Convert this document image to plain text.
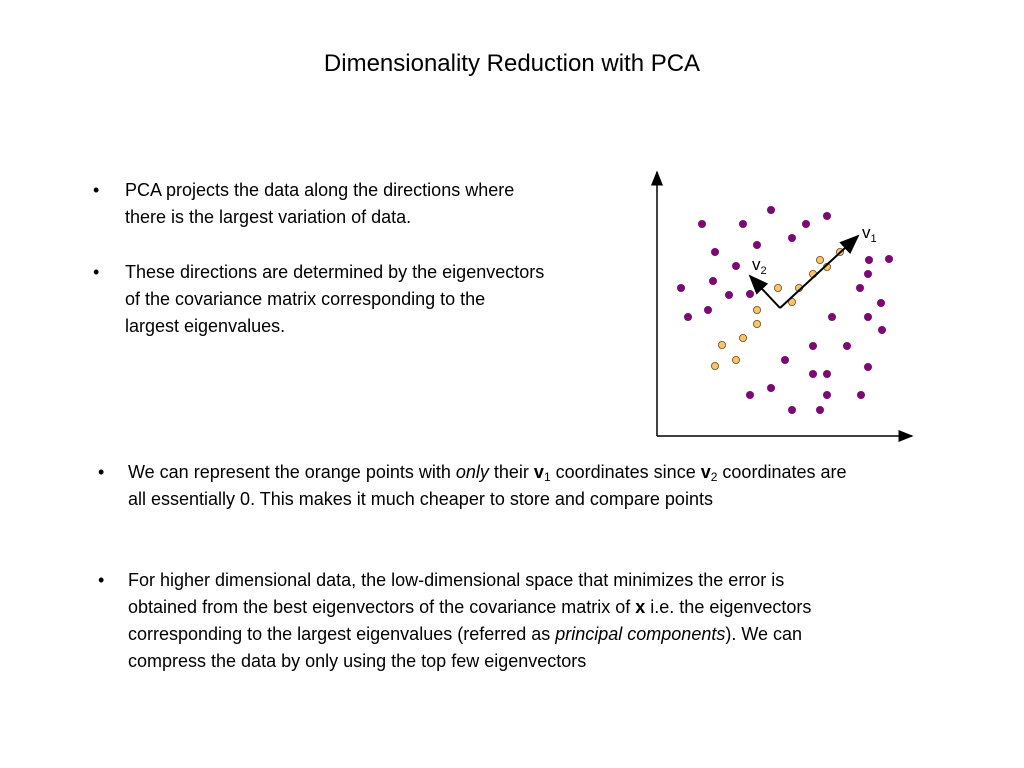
Dimensionality Reduction with PCA
• PCA projects the data along the directions where
there is the largest variation of data.
• These directions are determined by the eigenvectors
of the covariance matrix corresponding to the
largest eigenvalues.
$v_1$
$v_2$
• We can represent the orange points with only their $v_1$ coordinates since $v_2$ coordinates are
all essentially 0. This makes it much cheaper to store and compare points
• For higher dimensional data, the low-dimensional space that minimizes the error is
obtained from the best eigenvectors of the covariance matrix of x i.e. the eigenvectors
corresponding to the largest eigenvalues (referred as principal components). We can
compress the data by only using the top few eigenvectors
